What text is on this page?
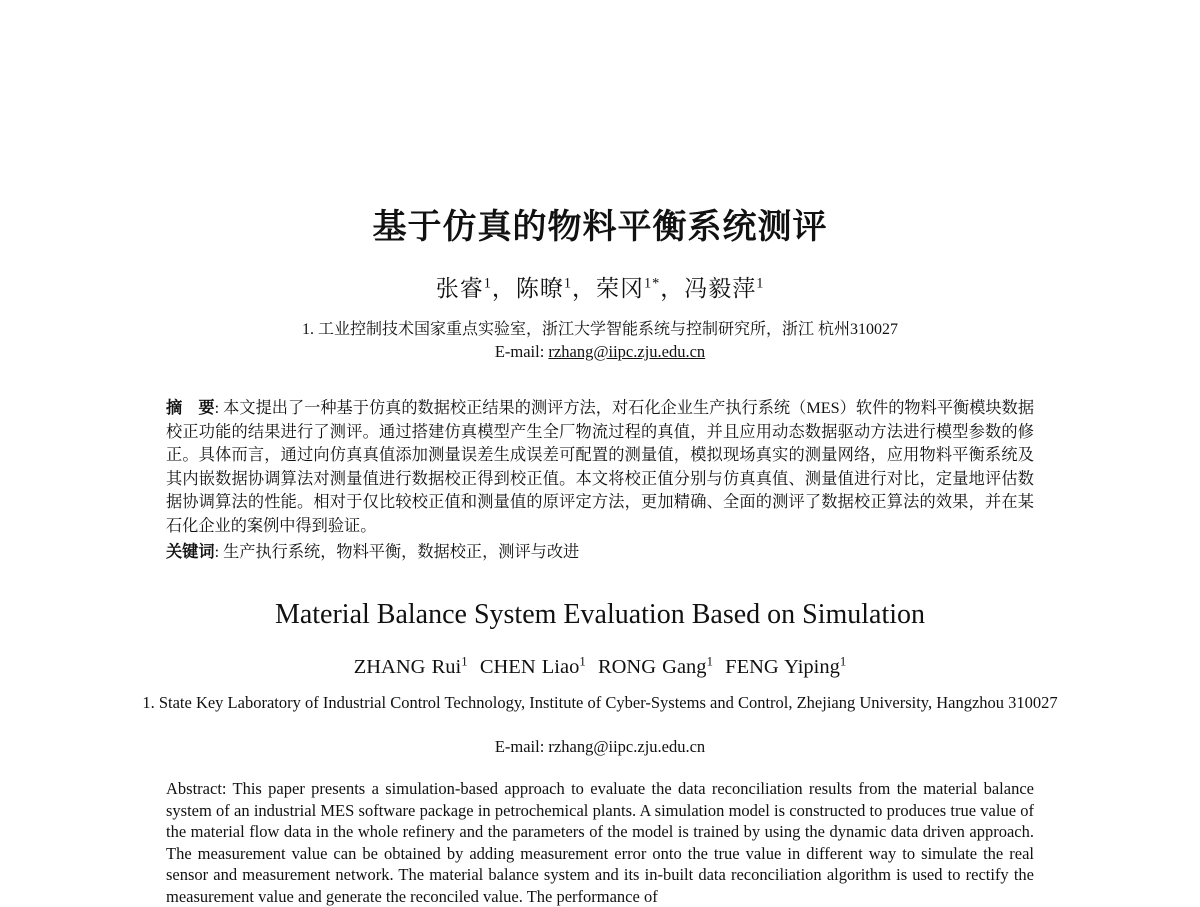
基于仿真的物料平衡系统测评
张睿$^1$，陈暸$^1$，荣冈$^{1*}$，冯毅萍$^1$
1. 工业控制技术国家重点实验室，浙江大学智能系统与控制研究所，浙江 杭州310027
E-mail: rzhang@iipc.zju.edu.cn
摘　要: 本文提出了一种基于仿真的数据校正结果的测评方法，对石化企业生产执行系统（MES）软件的物料平衡模块数据校正功能的结果进行了测评。通过搭建仿真模型产生全厂物流过程的真值，并且应用动态数据驱动方法进行模型参数的修正。具体而言，通过向仿真真值添加测量误差生成误差可配置的测量值，模拟现场真实的测量网络，应用物料平衡系统及其内嵌数据协调算法对测量值进行数据校正得到校正值。本文将校正值分别与仿真真值、测量值进行对比，定量地评估数据协调算法的性能。相对于仅比较校正值和测量值的原评定方法，更加精确、全面的测评了数据校正算法的效果，并在某石化企业的案例中得到验证。
关键词: 生产执行系统，物料平衡，数据校正，测评与改进
Material Balance System Evaluation Based on Simulation
ZHANG Rui$^1$ CHEN Liao$^1$ RONG Gang$^1$ FENG Yiping$^1$
1. State Key Laboratory of Industrial Control Technology, Institute of Cyber-Systems and Control, Zhejiang University, Hangzhou 310027
E-mail: rzhang@iipc.zju.edu.cn
Abstract: This paper presents a simulation-based approach to evaluate the data reconciliation results from the material balance system of an industrial MES software package in petrochemical plants. A simulation model is constructed to produces true value of the material flow data in the whole refinery and the parameters of the model is trained by using the dynamic data driven approach. The measurement value can be obtained by adding measurement error onto the true value in different way to simulate the real sensor and measurement network. The material balance system and its in-built data reconciliation algorithm is used to rectify the measurement value and generate the reconciled value. The performance of
